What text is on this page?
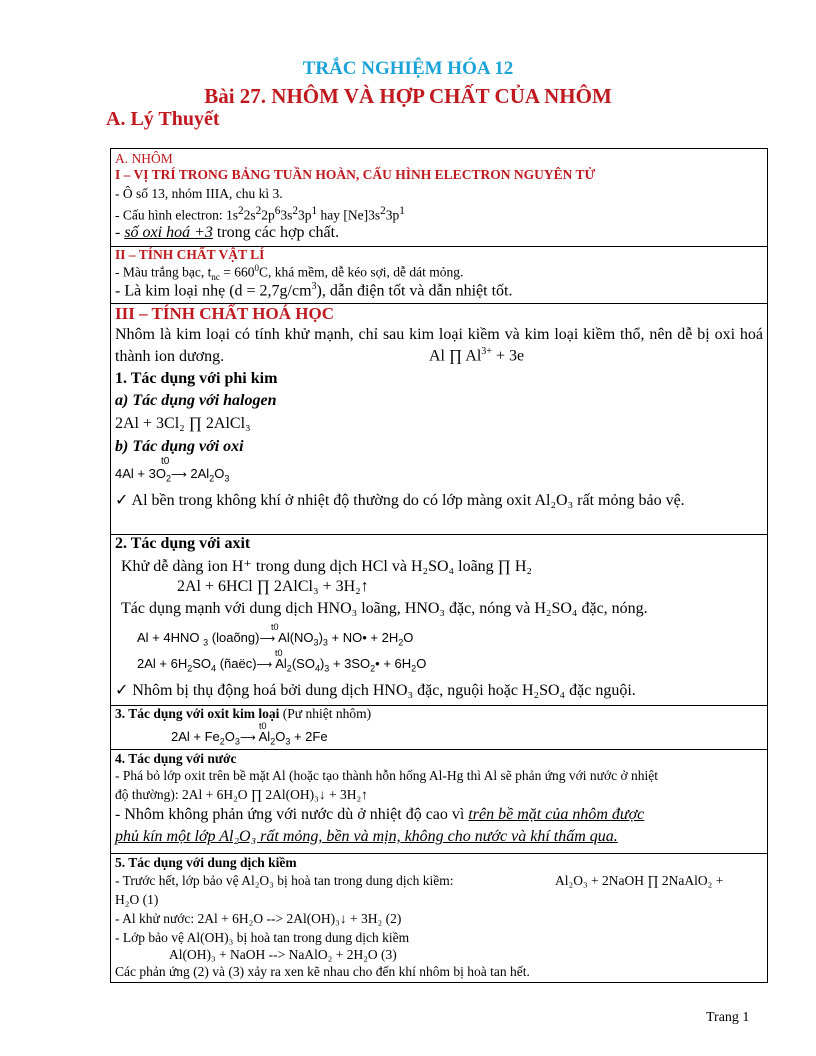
TRẮC NGHIỆM HÓA 12
Bài 27. NHÔM VÀ HỢP CHẤT CỦA NHÔM
A. Lý Thuyết
A. NHÔM
I – VỊ TRÍ TRONG BẢNG TUẦN HOÀN, CẤU HÌNH ELECTRON NGUYÊN TỬ
- Ô số 13, nhóm IIIA, chu kì 3.
- Cấu hình electron: $1s^22s^22p^63s^23p^1$ hay $[Ne]3s^23p^1$
- số oxi hoá +3 trong các hợp chất.
II – TÍNH CHẤT VẬT LÍ
- Màu trắng bạc, $t_{nc} = 660^0C$, khá mềm, dễ kéo sợi, dễ dát mỏng.
- Là kim loại nhẹ $(d = 2,7g/cm^3)$, dẫn điện tốt và dẫn nhiệt tốt.
III – TÍNH CHẤT HOÁ HỌC
Nhôm là kim loại có tính khử mạnh, chỉ sau kim loại kiềm và kim loại kiềm thổ, nên dễ bị oxi hoá thành ion dương.	Al ∏ $Al^{3+} + 3e$
1. Tác dụng với phi kim
a) Tác dụng với halogen
2Al + 3Cl₂ ∏ 2AlCl₃
b) Tác dụng với oxi
t0
$4Al + 3O_2⟶$ $2Al_2O_3$
✓ Al bền trong không khí ở nhiệt độ thường do có lớp màng oxit Al₂O₃ rất mỏng bảo vệ.
2. Tác dụng với axit
Khử dễ dàng ion H⁺ trong dung dịch HCl và H₂SO₄ loãng ∏ H₂
2Al + 6HCl ∏ 2AlCl₃ + 3H₂↑
Tác dụng mạnh với dung dịch HNO₃ loãng, HNO₃ đặc, nóng và H₂SO₄ đặc, nóng.
t0
Al + 4HNO $_3$ (loaõng)⟶ $Al(NO_3)_3$ + NO• + $2H_2O$
t0
$2Al + 6H_2SO_4$ (ñaëc)⟶ $Al_2(SO_4)_3$ + $3SO_2• + 6H_2O$
✓ Nhôm bị thụ động hoá bởi dung dịch HNO₃ đặc, nguội hoặc H₂SO₄ đặc nguội.
3. Tác dụng với oxit kim loại (Pư nhiệt nhôm)
t0
$2Al + Fe_2O_3⟶$ $Al_2O_3 + 2Fe$
4. Tác dụng với nước
- Phá bỏ lớp oxit trên bề mặt Al (hoặc tạo thành hỗn hống Al-Hg thì Al sẽ phản ứng với nước ở nhiệt
độ thường): 2Al + 6H₂O ∏ 2Al(OH)₃↓ + 3H₂↑
- Nhôm không phản ứng với nước dù ở nhiệt độ cao vì trên bề mặt của nhôm được
phủ kín một lớp Al₂O₃ rất mỏng, bền và mịn, không cho nước và khí thấm qua.
5. Tác dụng với dung dịch kiềm
- Trước hết, lớp bảo vệ Al₂O₃ bị hoà tan trong dung dịch kiềm:	Al₂O₃ + 2NaOH ∏ 2NaAlO₂ +
H₂O (1)
- Al khử nước: 2Al + 6H₂O --> 2Al(OH)₃↓ + 3H₂ (2)
- Lớp bảo vệ Al(OH)₃ bị hoà tan trong dung dịch kiềm
Al(OH)₃ + NaOH --> NaAlO₂ + 2H₂O (3)
Các phản ứng (2) và (3) xảy ra xen kẽ nhau cho đến khí nhôm bị hoà tan hết.
Trang 1
